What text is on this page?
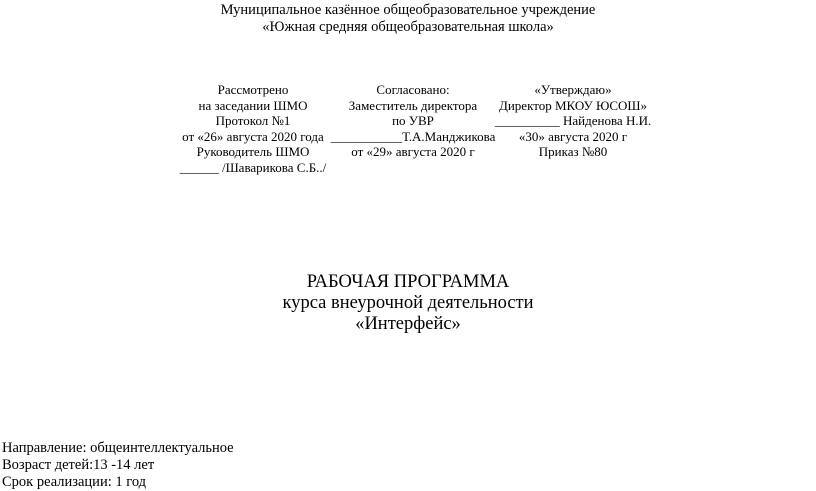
Муниципальное казённое общеобразовательное учреждение
«Южная средняя общеобразовательная школа»
Рассмотрено
на заседании ШМО
Протокол №1
от «26» августа 2020 года
Руководитель ШМО
______ /Шаварикова С.Б../
Согласовано:
Заместитель директора
по УВР
___________Т.А.Манджикова
от «29» августа 2020 г
«Утверждаю»
Директор МКОУ ЮСОШ»
__________ Найденова Н.И.
«30» августа 2020 г
Приказ №80
РАБОЧАЯ ПРОГРАММА
курса внеурочной деятельности
«Интерфейс»
Направление: общеинтеллектуальное
Возраст детей:13 -14 лет
Срок реализации: 1 год
